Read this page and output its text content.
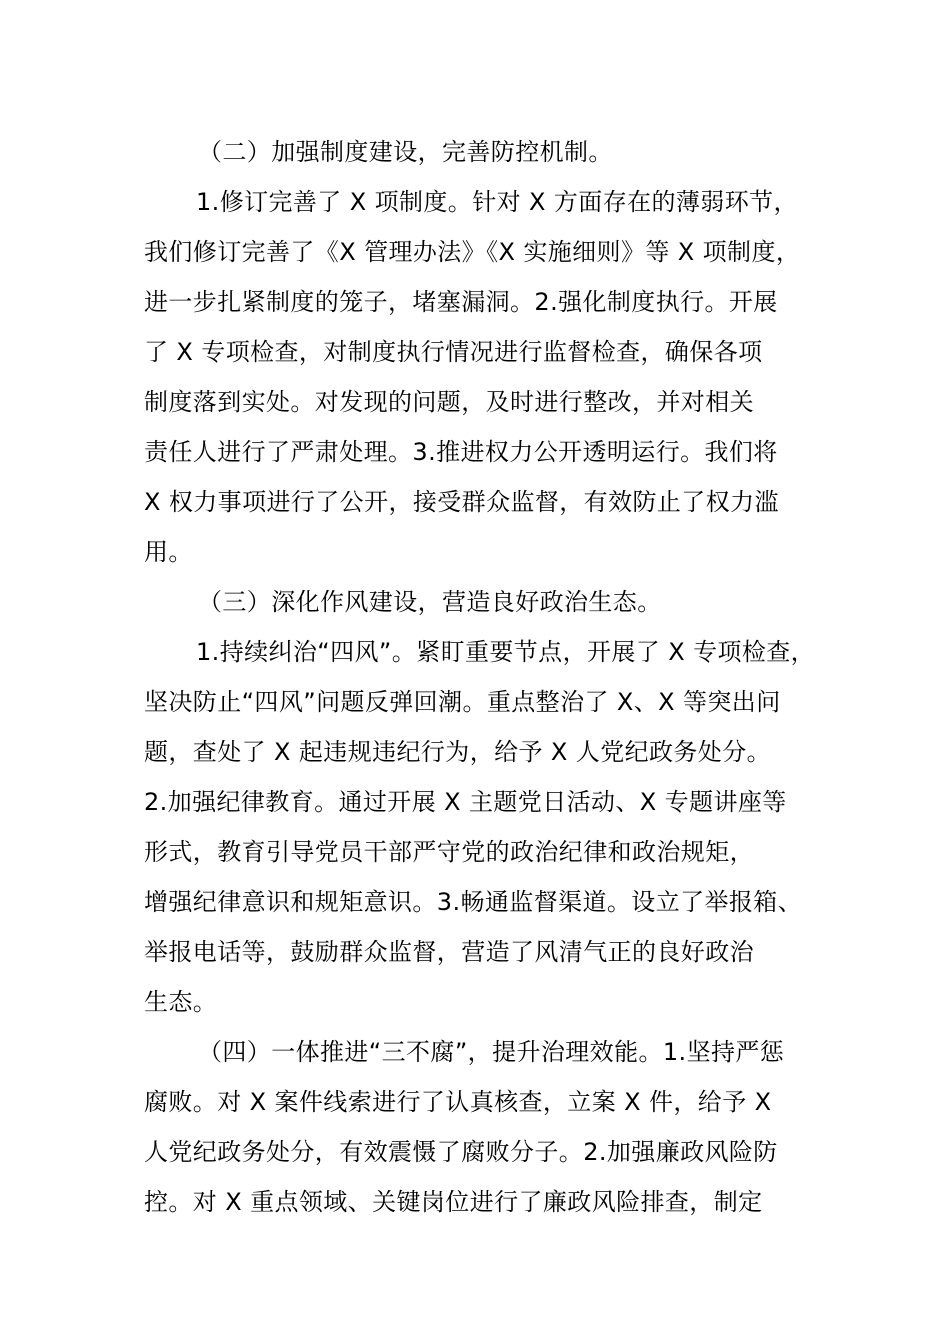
（二）加强制度建设，完善防控机制。
1.修订完善了 X 项制度。针对 X 方面存在的薄弱环节，
我们修订完善了《X 管理办法》《X 实施细则》等 X 项制度，
进一步扎紧制度的笼子，堵塞漏洞。2.强化制度执行。开展
了 X 专项检查，对制度执行情况进行监督检查，确保各项
制度落到实处。对发现的问题，及时进行整改，并对相关
责任人进行了严肃处理。3.推进权力公开透明运行。我们将
X 权力事项进行了公开，接受群众监督，有效防止了权力滥
用。
（三）深化作风建设，营造良好政治生态。
1.持续纠治“四风”。紧盯重要节点，开展了 X 专项检查，
坚决防止“四风”问题反弹回潮。重点整治了 X、X 等突出问
题，查处了 X 起违规违纪行为，给予 X 人党纪政务处分。
2.加强纪律教育。通过开展 X 主题党日活动、X 专题讲座等
形式，教育引导党员干部严守党的政治纪律和政治规矩，
增强纪律意识和规矩意识。3.畅通监督渠道。设立了举报箱、
举报电话等，鼓励群众监督，营造了风清气正的良好政治
生态。
（四）一体推进“三不腐”，提升治理效能。1.坚持严惩
腐败。对 X 案件线索进行了认真核查，立案 X 件，给予 X
人党纪政务处分，有效震慑了腐败分子。2.加强廉政风险防
控。对 X 重点领域、关键岗位进行了廉政风险排查，制定
